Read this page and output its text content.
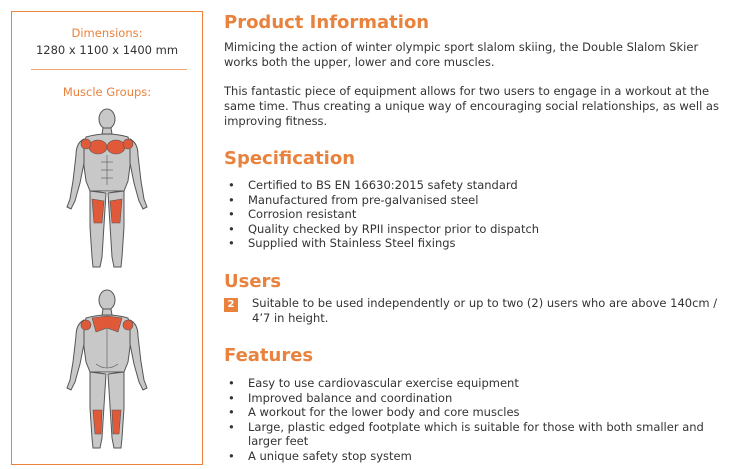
Dimensions:
1280 x 1100 x 1400 mm
Muscle Groups:
Product Information

Mimicing the action of winter olympic sport slalom skiing, the Double Slalom Skier works both the upper, lower and core muscles.

This fantastic piece of equipment allows for two users to engage in a workout at the same time. Thus creating a unique way of encouraging social relationships, as well as improving fitness.

Specification
• Certified to BS EN 16630:2015 safety standard
• Manufactured from pre-galvanised steel
• Corrosion resistant
• Quality checked by RPII inspector prior to dispatch
• Supplied with Stainless Steel fixings
Users
2	Suitable to be used independently or up to two (2) users who are above 140cm / 4’7 in height.
Features
• Easy to use cardiovascular exercise equipment
• Improved balance and coordination
• A workout for the lower body and core muscles
• Large, plastic edged footplate which is suitable for those with both smaller and larger feet
• A unique safety stop system
